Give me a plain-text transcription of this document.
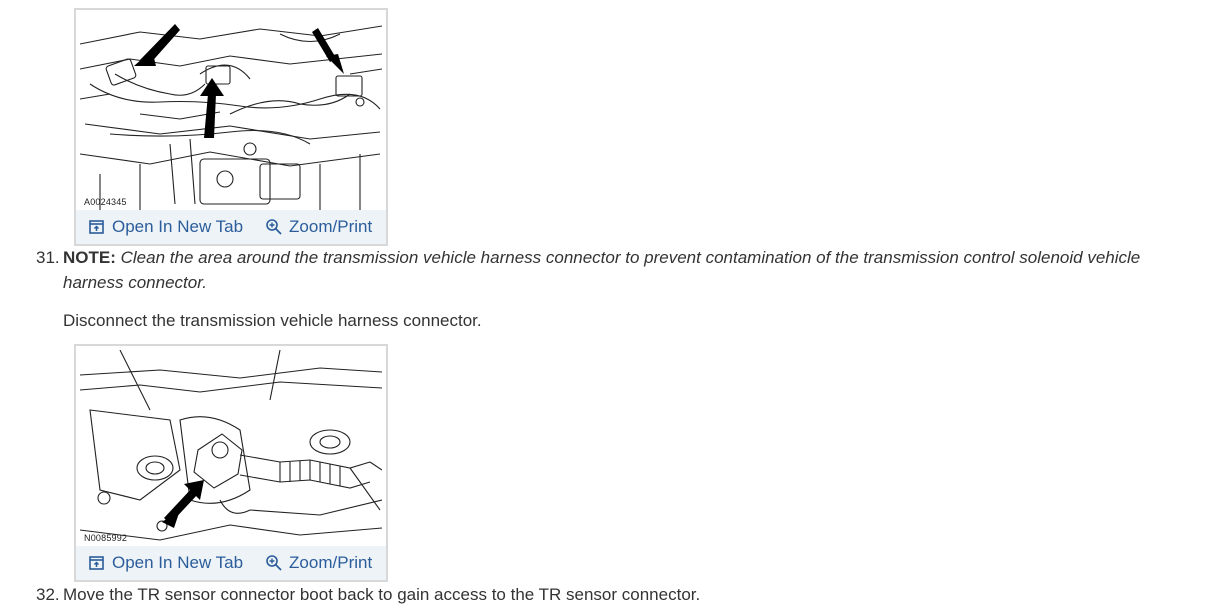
A0024345
Open In New Tab	Zoom/Print
31. NOTE: Clean the area around the transmission vehicle harness connector to prevent contamination of the transmission control solenoid vehicle harness connector.
Disconnect the transmission vehicle harness connector.
N0085992
Open In New Tab	Zoom/Print
32. Move the TR sensor connector boot back to gain access to the TR sensor connector.
